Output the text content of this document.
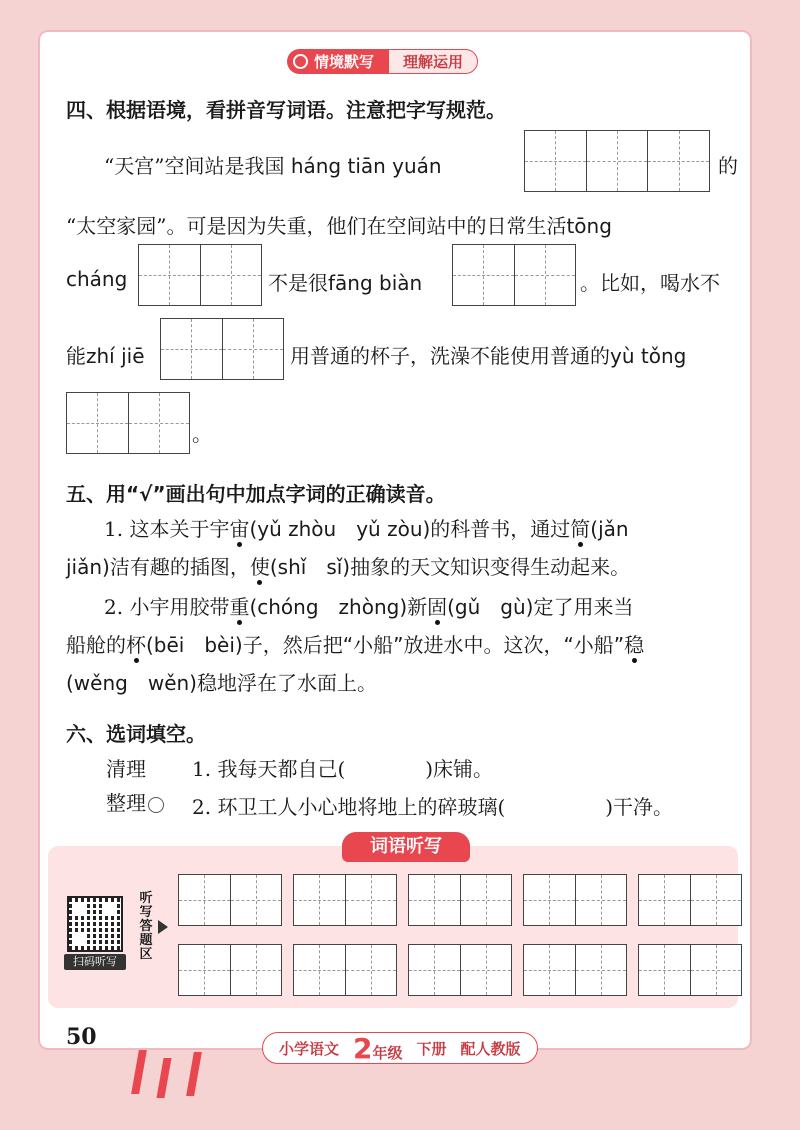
情境默写	理解运用
四、根据语境，看拼音写词语。注意把字写规范。
“天宫”空间站是我国 háng tiān yuán	的
“太空家园”。可是因为失重，他们在空间站中的日常生活tōng
cháng	不是很fāng biàn	。比如，喝水不
能zhí jiē	用普通的杯子，洗澡不能使用普通的yù tǒng
。
五、用“√”画出句中加点字词的正确读音。
1. 这本关于宇宙(yǔ zhòu　yǔ zòu)的科普书，通过简(jǎn
jiǎn)洁有趣的插图，使(shǐ　sǐ)抽象的天文知识变得生动起来。
2. 小宇用胶带重(chóng　zhòng)新固(gǔ　gù)定了用来当
船舱的杯(bēi　bèi)子，然后把“小船”放进水中。这次，“小船”稳
(wěng　wěn)稳地浮在了水面上。
六、选词填空。
清理
整理
1. 我每天都自己(　　　　)床铺。
2. 环卫工人小心地将地上的碎玻璃(　　　　　)干净。
词语听写
扫码听写
听写答题区
50	小学语文 2年级 下册 配人教版
